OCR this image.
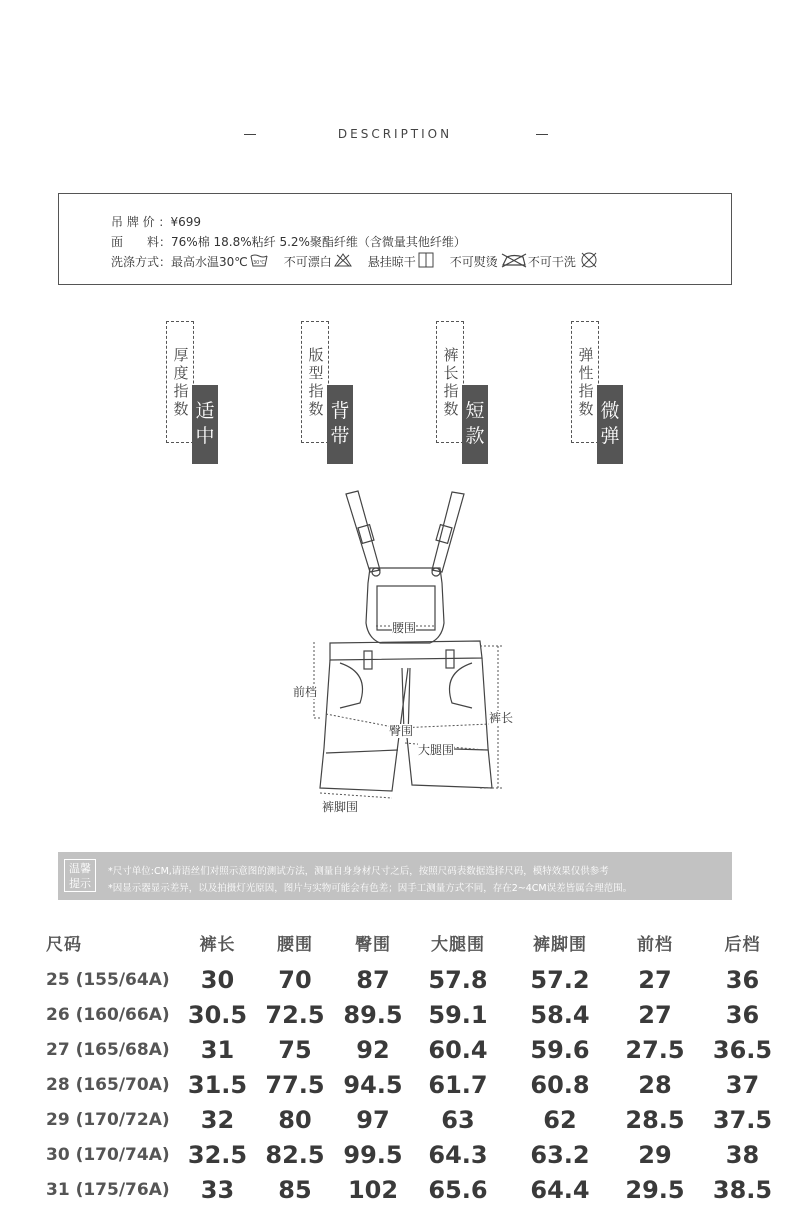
DESCRIPTION
吊 牌 价 ：¥699
面　　料：76%棉 18.8%粘纤 5.2%聚酯纤维（含微量其他纤维）
洗涤方式： 最高水温30℃ 30℃ 不可漂白	悬挂晾干	不可熨烫	不可干洗
厚度指数 适中
版型指数 背带
裤长指数 短款
弹性指数 微弹
腰围
前档
臀围
裤长
大腿围
裤脚围
温馨
提示
*尺寸单位:CM,请语丝们对照示意图的测试方法，测量自身身材尺寸之后，按照尺码表数据选择尺码，模特效果仅供参考
*因显示器显示差异，以及拍摄灯光原因，图片与实物可能会有色差；因手工测量方式不同，存在2~4CM误差皆属合理范围。
尺码	裤长	腰围	臀围	大腿围	裤脚围	前档	后档
25 (155/64A)	30	70	87	57.8	57.2	27	36
26 (160/66A)	30.5	72.5	89.5	59.1	58.4	27	36
27 (165/68A)	31	75	92	60.4	59.6	27.5	36.5
28 (165/70A)	31.5	77.5	94.5	61.7	60.8	28	37
29 (170/72A)	32	80	97	63	62	28.5	37.5
30 (170/74A)	32.5	82.5	99.5	64.3	63.2	29	38
31 (175/76A)	33	85	102	65.6	64.4	29.5	38.5
